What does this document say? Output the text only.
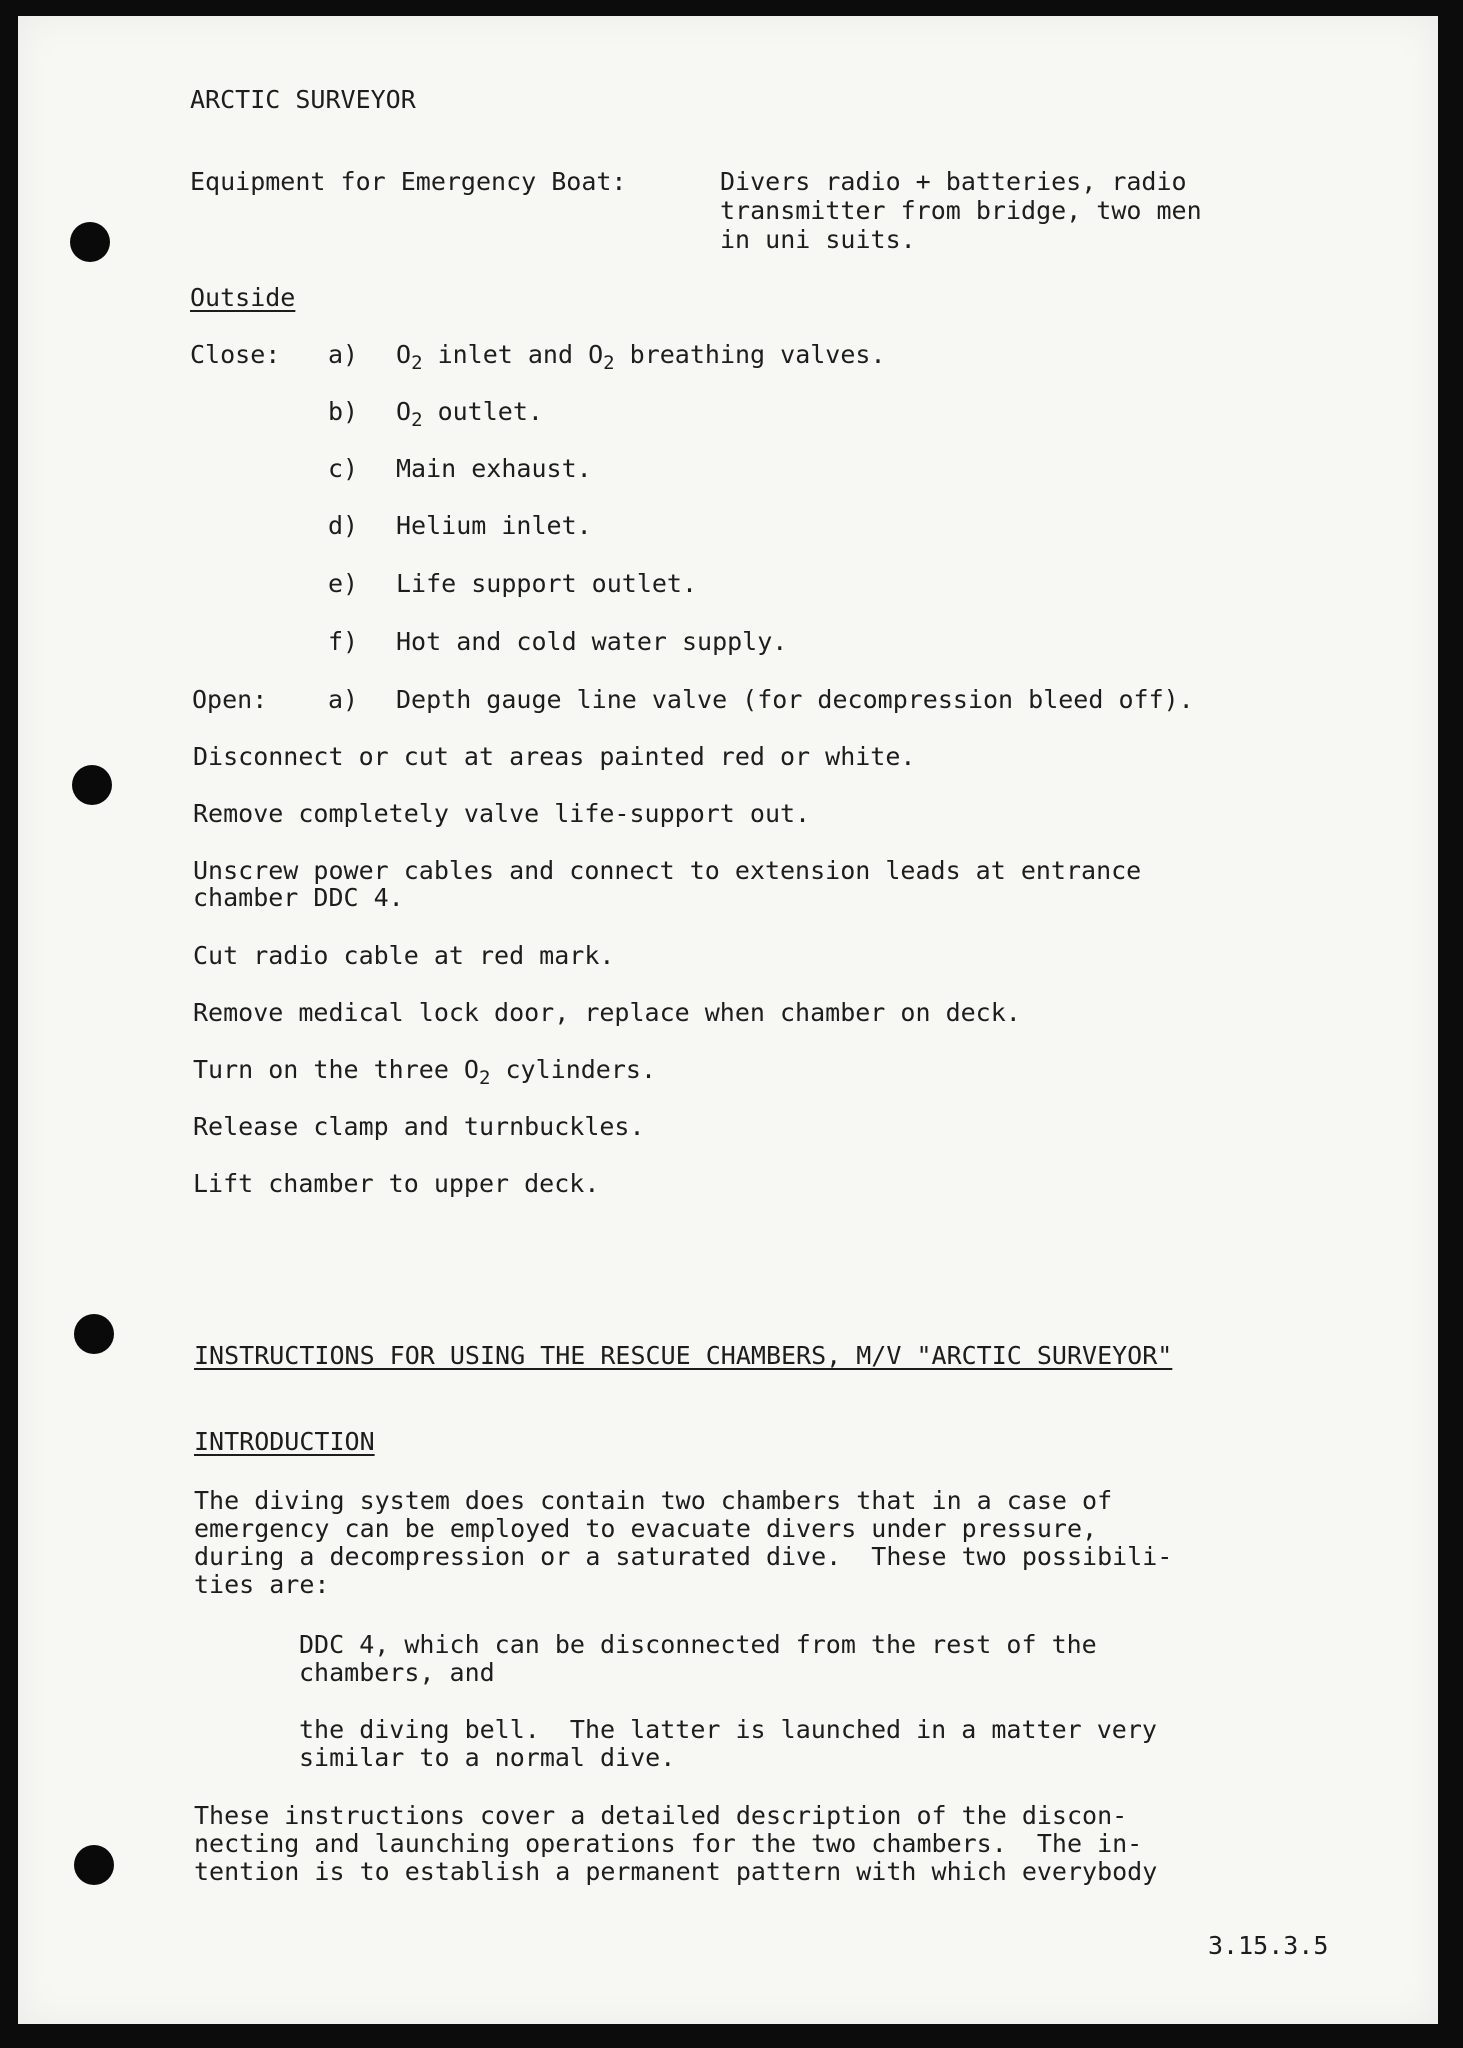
ARCTIC SURVEYOR
Equipment for Emergency Boat:	Divers radio + batteries, radio
transmitter from bridge, two men
in uni suits.
Outside
Close: a) $O_2$ inlet and $O_2$ breathing valves.
b) $O_2$ outlet.
c) Main exhaust.
d) Helium inlet.
e) Life support outlet.
f) Hot and cold water supply.
Open: a) Depth gauge line valve (for decompression bleed off).
Disconnect or cut at areas painted red or white.
Remove completely valve life-support out.
Unscrew power cables and connect to extension leads at entrance
chamber DDC 4.
Cut radio cable at red mark.
Remove medical lock door, replace when chamber on deck.
Turn on the three $O_2$ cylinders.
Release clamp and turnbuckles.
Lift chamber to upper deck.
INSTRUCTIONS FOR USING THE RESCUE CHAMBERS, M/V "ARCTIC SURVEYOR"
INTRODUCTION
The diving system does contain two chambers that in a case of
emergency can be employed to evacuate divers under pressure,
during a decompression or a saturated dive.  These two possibili-
ties are:
DDC 4, which can be disconnected from the rest of the
chambers, and
the diving bell.  The latter is launched in a matter very
similar to a normal dive.
These instructions cover a detailed description of the discon-
necting and launching operations for the two chambers.  The in-
tention is to establish a permanent pattern with which everybody
3.15.3.5
